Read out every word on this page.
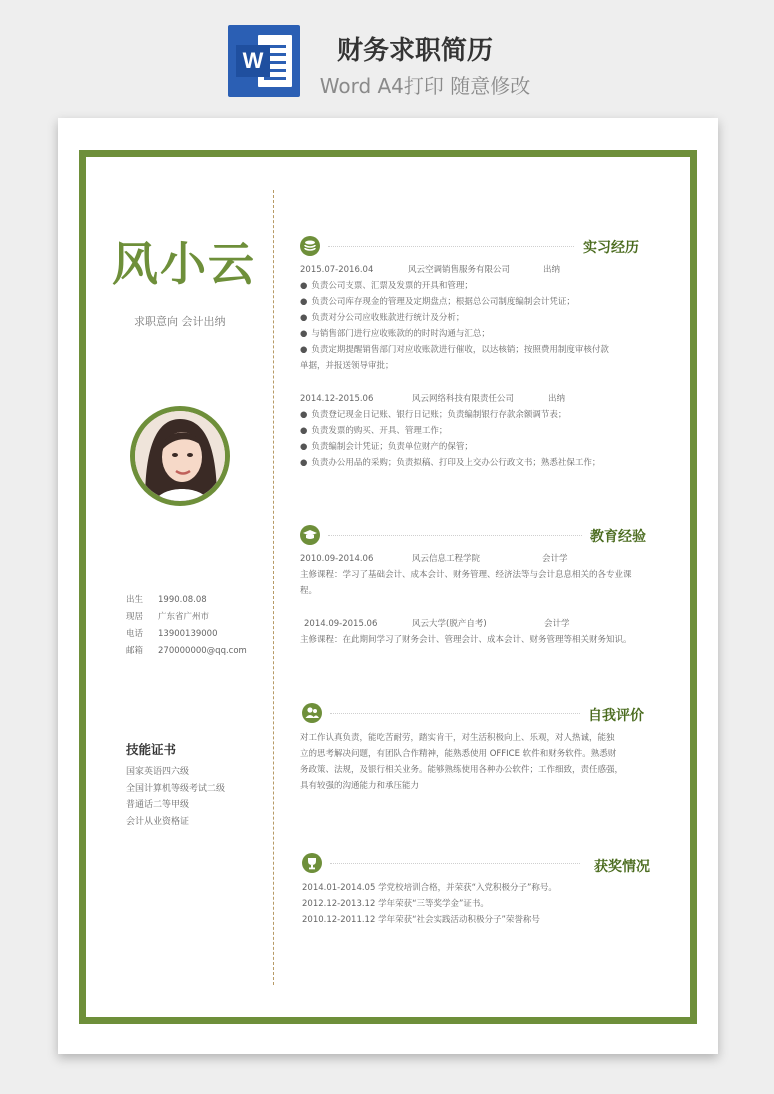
W	财务求职简历
Word A4打印 随意修改
风小云
求职意向 会计出纳
出生 1990.08.08
现居 广东省广州市
电话 13900139000
邮箱 270000000@qq.com
技能证书
国家英语四六级
全国计算机等级考试二级
普通话二等甲级
会计从业资格证
实习经历
2015.07-2016.04	风云空调销售服务有限公司	出纳
● 负责公司支票、汇票及发票的开具和管理；
● 负责公司库存现金的管理及定期盘点；根据总公司制度编制会计凭证；
● 负责对分公司应收账款进行统计及分析；
● 与销售部门进行应收账款的的时时沟通与汇总；
● 负责定期提醒销售部门对应收账款进行催收，以达核销；按照费用制度审核付款
单据，并报送领导审批；
2014.12-2015.06	风云网络科技有限责任公司	出纳
● 负责登记现金日记账、银行日记账；负责编制银行存款余额调节表；
● 负责发票的购买、开具、管理工作；
● 负责编制会计凭证；负责单位财产的保管；
● 负责办公用品的采购；负责拟稿、打印及上交办公行政文书；熟悉社保工作；
教育经验
2010.09-2014.06	风云信息工程学院	会计学
主修课程：学习了基础会计、成本会计、财务管理、经济法等与会计息息相关的各专业课
程。
2014.09-2015.06	风云大学(脱产自考)	会计学
主修课程：在此期间学习了财务会计、管理会计、成本会计、财务管理等相关财务知识。
自我评价
对工作认真负责，能吃苦耐劳，踏实肯干，对生活积极向上、乐观，对人热诚，能独
立的思考解决问题，有团队合作精神，能熟悉使用 OFFICE 软件和财务软件。熟悉财
务政策、法规，及银行相关业务。能够熟练使用各种办公软件；工作细致，责任感强，
具有较强的沟通能力和承压能力
获奖情况
2014.01-2014.05 学党校培训合格，并荣获“入党积极分子”称号。
2012.12-2013.12 学年荣获“三等奖学金”证书。
2010.12-2011.12 学年荣获“社会实践活动积极分子”荣誉称号
